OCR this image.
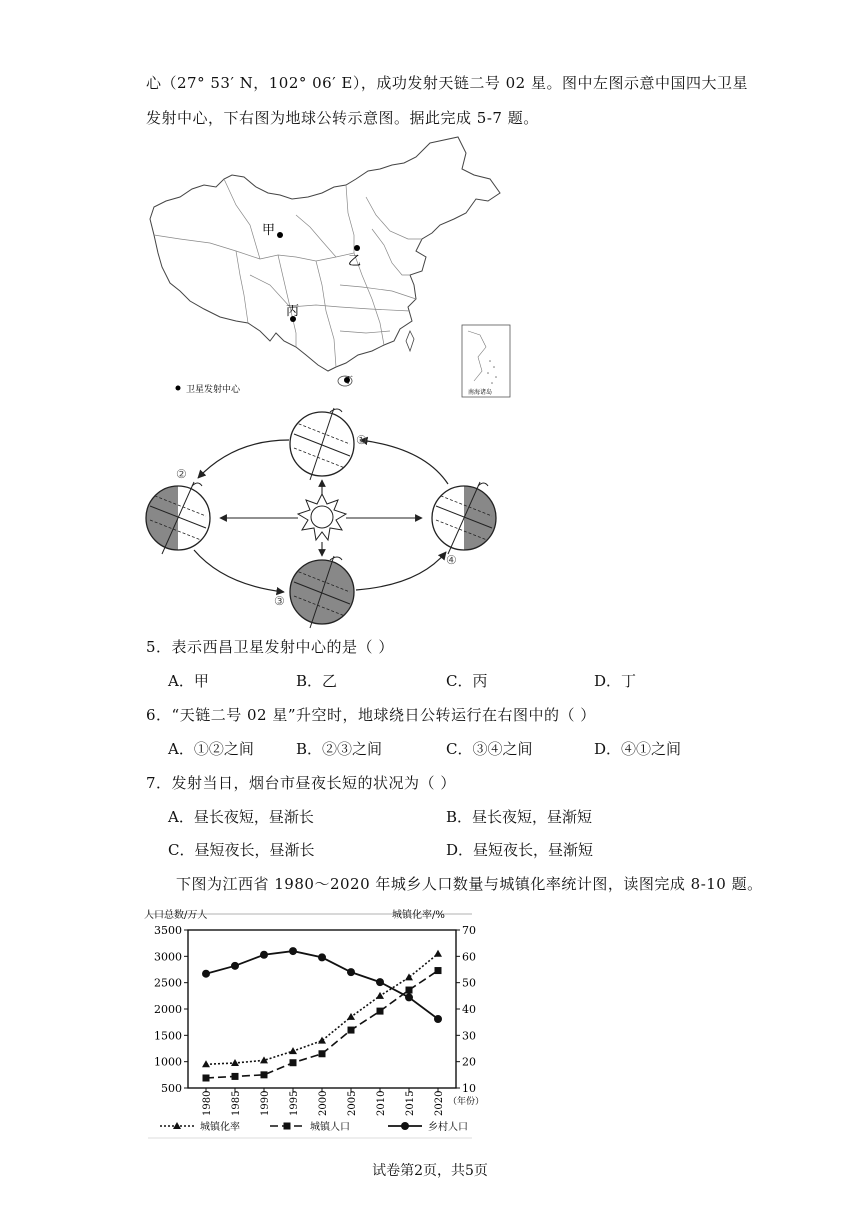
心（27° 53′ N，102° 06′ E），成功发射天链二号 02 星。图中左图示意中国四大卫星
发射中心，下右图为地球公转示意图。据此完成 5-7 题。
甲
乙
丙
丁
卫星发射中心	南海诸岛
①
②
③
④
5．表示西昌卫星发射中心的是（ ）
A．甲	B．乙	C．丙	D．丁
6．“天链二号 02 星”升空时，地球绕日公转运行在右图中的（ ）
A．①②之间	B．②③之间	C．③④之间	D．④①之间
7．发射当日，烟台市昼夜长短的状况为（ ）
A．昼长夜短，昼渐长	B．昼长夜短，昼渐短
C．昼短夜长，昼渐长	D．昼短夜长，昼渐短
下图为江西省 1980～2020 年城乡人口数量与城镇化率统计图，读图完成 8-10 题。
人口总数/万人	城镇化率/%
3500
3000
2500
2000
1500
1000
500
70
60
50
40
30
20
10
1980 1985 1990 1995 2000 2005 2010 2015 2020 （年份）
城镇化率	城镇人口	乡村人口
试卷第2页，共5页
